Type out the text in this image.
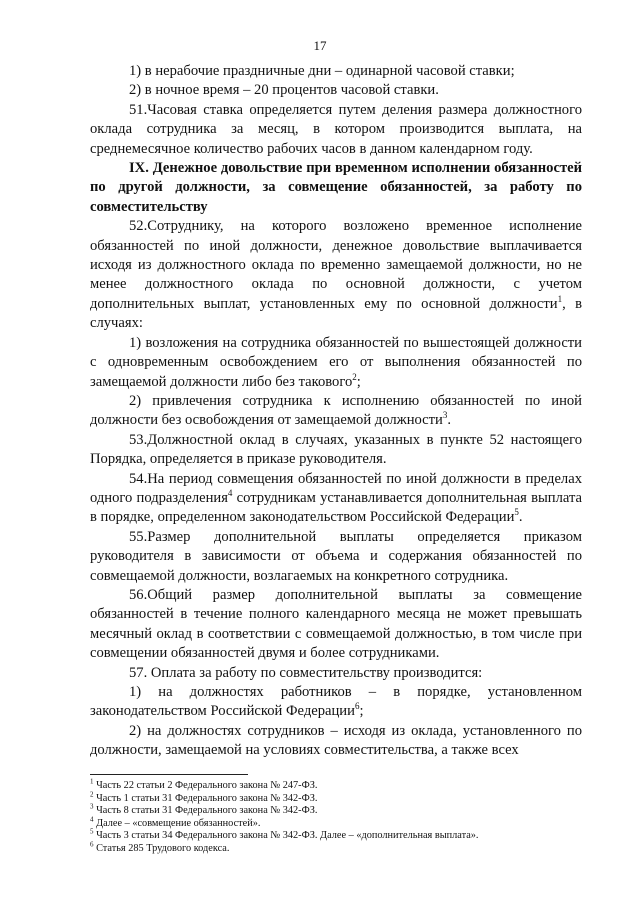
17

1) в нерабочие праздничные дни – одинарной часовой ставки;

2) в ночное время – 20 процентов часовой ставки.

51.Часовая ставка определяется путем деления размера должностного оклада сотрудника за месяц, в котором производится выплата, на среднемесячное количество рабочих часов в данном календарном году.

IX. Денежное довольствие при временном исполнении обязанностей по другой должности, за совмещение обязанностей, за работу по совместительству

52.Сотруднику, на которого возложено временное исполнение обязанностей по иной должности, денежное довольствие выплачивается исходя из должностного оклада по временно замещаемой должности, но не менее должностного оклада по основной должности, с учетом дополнительных выплат, установленных ему по основной должности$^1$, в случаях:

1) возложения на сотрудника обязанностей по вышестоящей должности с одновременным освобождением его от выполнения обязанностей по замещаемой должности либо без такового$^2$;

2) привлечения сотрудника к исполнению обязанностей по иной должности без освобождения от замещаемой должности$^3$.

53.Должностной оклад в случаях, указанных в пункте 52 настоящего Порядка, определяется в приказе руководителя.

54.На период совмещения обязанностей по иной должности в пределах одного подразделения$^4$ сотрудникам устанавливается дополнительная выплата в порядке, определенном законодательством Российской Федерации$^5$.

55.Размер дополнительной выплаты определяется приказом руководителя в зависимости от объема и содержания обязанностей по совмещаемой должности, возлагаемых на конкретного сотрудника.

56.Общий размер дополнительной выплаты за совмещение обязанностей в течение полного календарного месяца не может превышать месячный оклад в соответствии с совмещаемой должностью, в том числе при совмещении обязанностей двумя и более сотрудниками.

57. Оплата за работу по совместительству производится:

1) на должностях работников – в порядке, установленном законодательством Российской Федерации$^6$;

2) на должностях сотрудников – исходя из оклада, установленного по должности, замещаемой на условиях совместительства, а также всех

$^1$ Часть 22 статьи 2 Федерального закона № 247-ФЗ.
$^2$ Часть 1 статьи 31 Федерального закона № 342-ФЗ.
$^3$ Часть 8 статьи 31 Федерального закона № 342-ФЗ.
$^4$ Далее – «совмещение обязанностей».
$^5$ Часть 3 статьи 34 Федерального закона № 342-ФЗ. Далее – «дополнительная выплата».
$^6$ Статья 285 Трудового кодекса.
